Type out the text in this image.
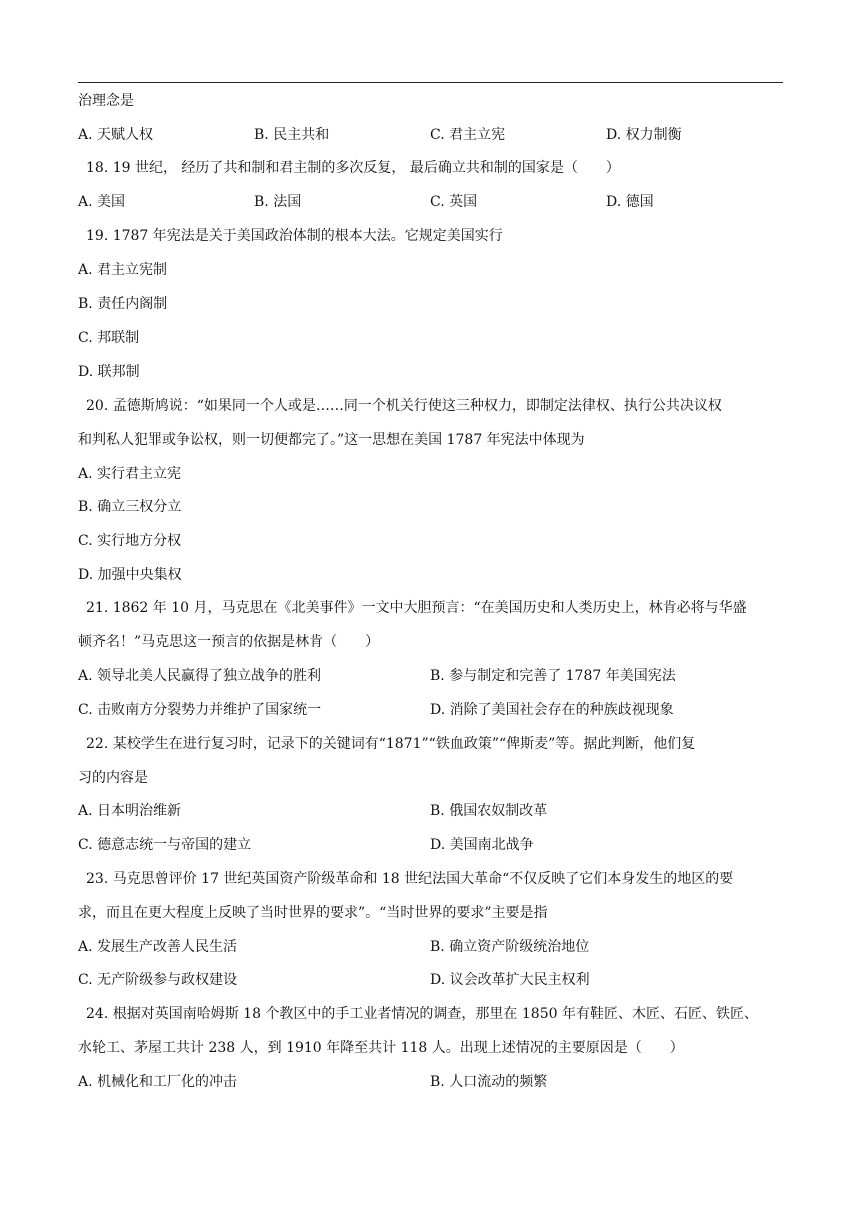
治理念是
A. 天赋人权	B. 民主共和	C. 君主立宪	D. 权力制衡
18. 19 世纪， 经历了共和制和君主制的多次反复， 最后确立共和制的国家是（　　）
A. 美国	B. 法国	C. 英国	D. 德国
19. 1787 年宪法是关于美国政治体制的根本大法。它规定美国实行
A. 君主立宪制
B. 责任内阁制
C. 邦联制
D. 联邦制
20. 孟德斯鸠说：“如果同一个人或是……同一个机关行使这三种权力，即制定法律权、执行公共决议权
和判私人犯罪或争讼权，则一切便都完了。”这一思想在美国 1787 年宪法中体现为
A. 实行君主立宪
B. 确立三权分立
C. 实行地方分权
D. 加强中央集权
21. 1862 年 10 月，马克思在《北美事件》一文中大胆预言：“在美国历史和人类历史上，林肯必将与华盛
顿齐名！”马克思这一预言的依据是林肯（　　）
A. 领导北美人民赢得了独立战争的胜利	B. 参与制定和完善了 1787 年美国宪法
C. 击败南方分裂势力并维护了国家统一	D. 消除了美国社会存在的种族歧视现象
22. 某校学生在进行复习时，记录下的关键词有“1871”“铁血政策”“俾斯麦”等。据此判断，他们复
习的内容是
A. 日本明治维新	B. 俄国农奴制改革
C. 德意志统一与帝国的建立	D. 美国南北战争
23. 马克思曾评价 17 世纪英国资产阶级革命和 18 世纪法国大革命“不仅反映了它们本身发生的地区的要
求，而且在更大程度上反映了当时世界的要求”。“当时世界的要求”主要是指
A. 发展生产改善人民生活	B. 确立资产阶级统治地位
C. 无产阶级参与政权建设	D. 议会改革扩大民主权利
24. 根据对英国南哈姆斯 18 个教区中的手工业者情况的调查，那里在 1850 年有鞋匠、木匠、石匠、铁匠、
水轮工、茅屋工共计 238 人，到 1910 年降至共计 118 人。出现上述情况的主要原因是（　　）
A. 机械化和工厂化的冲击	B. 人口流动的频繁
